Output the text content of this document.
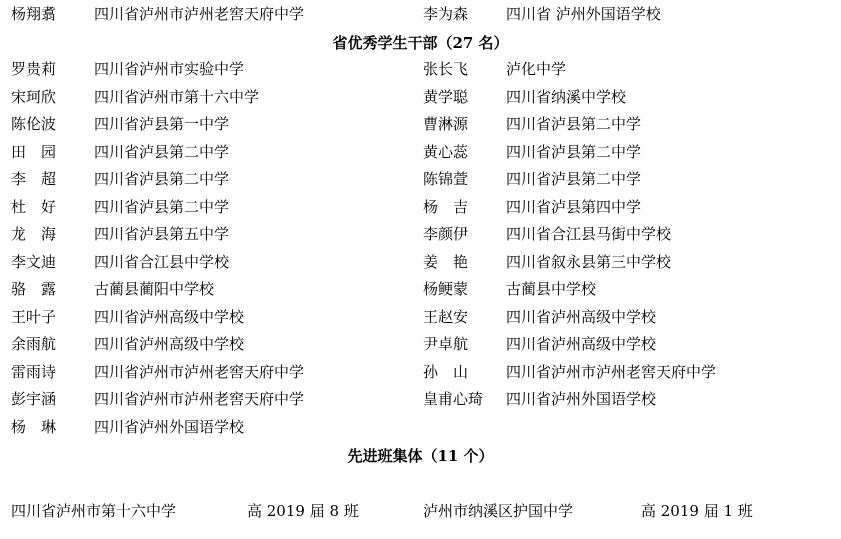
杨翔翥	四川省泸州市泸州老窖天府中学	李为森	四川省 泸州外国语学校
省优秀学生干部（27 名）
罗贵莉	四川省泸州市实验中学	张长飞	泸化中学
宋珂欣	四川省泸州市第十六中学	黄学聪	四川省纳溪中学校
陈伦波	四川省泸县第一中学	曹淋源	四川省泸县第二中学
田　园	四川省泸县第二中学	黄心蕊	四川省泸县第二中学
李　超	四川省泸县第二中学	陈锦萱	四川省泸县第二中学
杜　好	四川省泸县第二中学	杨　吉	四川省泸县第四中学
龙　海	四川省泸县第五中学	李颜伊	四川省合江县马街中学校
李文迪	四川省合江县中学校	姜　艳	四川省叙永县第三中学校
骆　露	古蔺县蔺阳中学校	杨鲠蒙	古蔺县中学校
王叶子	四川省泸州高级中学校	王赵安	四川省泸州高级中学校
余雨航	四川省泸州高级中学校	尹卓航	四川省泸州高级中学校
雷雨诗	四川省泸州市泸州老窖天府中学	孙　山	四川省泸州市泸州老窖天府中学
彭宇涵	四川省泸州市泸州老窖天府中学	皇甫心琦	四川省泸州外国语学校
杨　琳	四川省泸州外国语学校
先进班集体（11 个）
四川省泸州市第十六中学	高 2019 届 8 班	泸州市纳溪区护国中学	高 2019 届 1 班
